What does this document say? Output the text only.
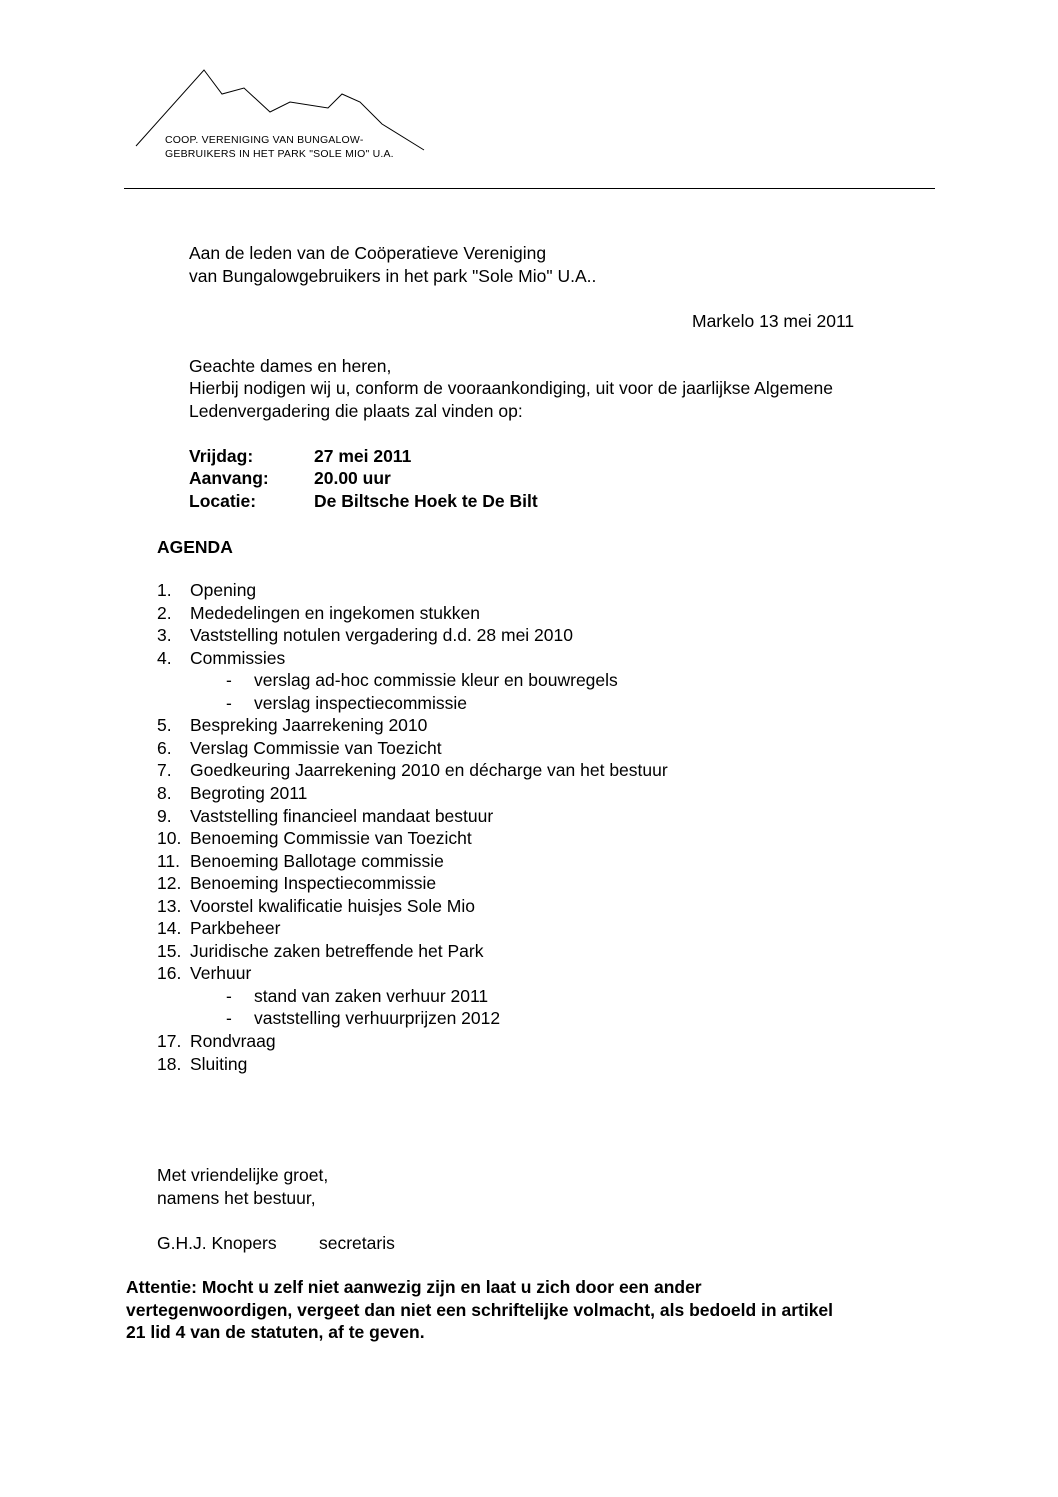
COOP. VERENIGING VAN BUNGALOW-
GEBRUIKERS IN HET PARK "SOLE MIO" U.A.
Aan de leden van de Coöperatieve Vereniging
van Bungalowgebruikers in het park "Sole Mio" U.A..
Markelo 13 mei 2011
Geachte dames en heren,
Hierbij nodigen wij u, conform de vooraankondiging, uit voor de jaarlijkse Algemene
Ledenvergadering die plaats zal vinden op:
Vrijdag:	27 mei 2011
Aanvang:	20.00 uur
Locatie:	De Biltsche Hoek te De Bilt
AGENDA
1. Opening
2. Mededelingen en ingekomen stukken
3. Vaststelling notulen vergadering d.d. 28 mei 2010
4. Commissies
- verslag ad-hoc commissie kleur en bouwregels
- verslag inspectiecommissie
5. Bespreking Jaarrekening 2010
6. Verslag Commissie van Toezicht
7. Goedkeuring Jaarrekening 2010 en décharge van het bestuur
8. Begroting 2011
9. Vaststelling financieel mandaat bestuur
10. Benoeming Commissie van Toezicht
11. Benoeming Ballotage commissie
12. Benoeming Inspectiecommissie
13. Voorstel kwalificatie huisjes Sole Mio
14. Parkbeheer
15. Juridische zaken betreffende het Park
16. Verhuur
- stand van zaken verhuur 2011
- vaststelling verhuurprijzen 2012
17. Rondvraag
18. Sluiting
Met vriendelijke groet,
namens het bestuur,
G.H.J. Knopers secretaris
Attentie: Mocht u zelf niet aanwezig zijn en laat u zich door een ander
vertegenwoordigen, vergeet dan niet een schriftelijke volmacht, als bedoeld in artikel
21 lid 4 van de statuten, af te geven.
